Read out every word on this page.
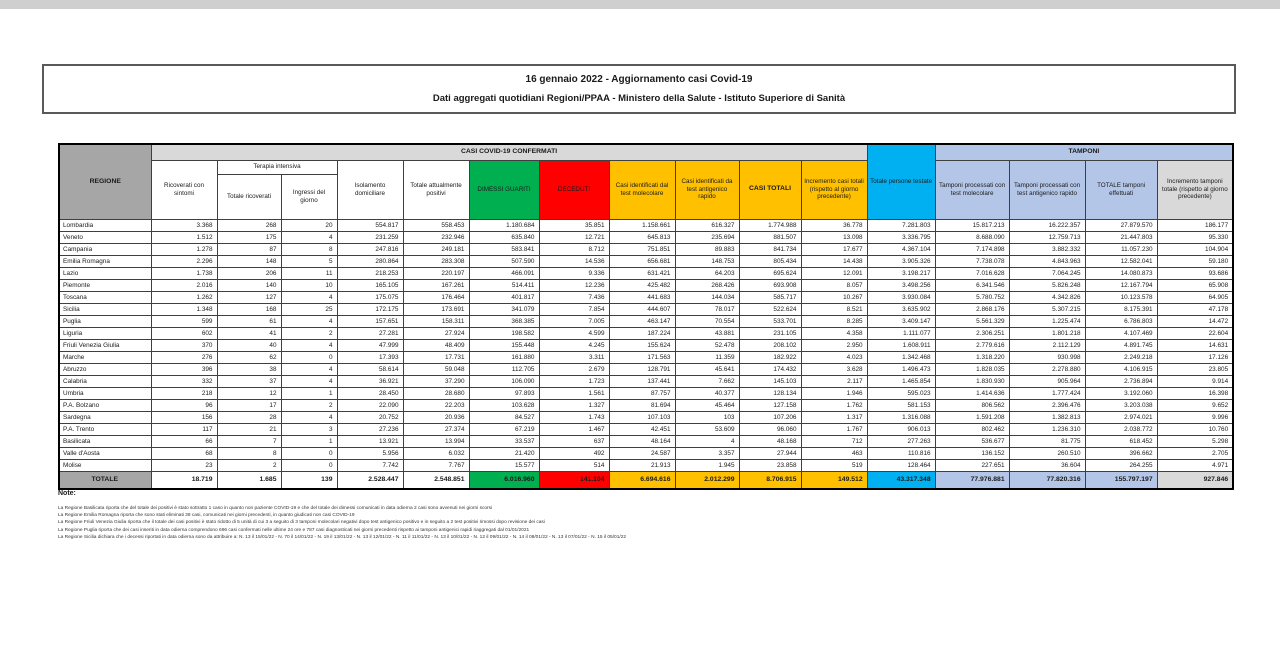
16 gennaio 2022 - Aggiornamento casi Covid-19
Dati aggregati quotidiani Regioni/PPAA - Ministero della Salute - Istituto Superiore di Sanità
REGIONE	CASI COVID-19 CONFERMATI											Totale persone testate	TAMPONI			
	Ricoverati con sintomi	Terapia intensiva		Isolamento domiciliare	Totale attualmente positivi	DIMESSI GUARITI	DECEDUTI	Casi identificati dal test molecolare	Casi identificati da test antigenico rapido	CASI TOTALI	Incremento casi totali (rispetto al giorno precedente)		Tamponi processati con test molecolare	Tamponi processati con test antigenico rapido	TOTALE tamponi effettuati	Incremento tamponi totale (rispetto al giorno precedente)
		Totale ricoverati	Ingressi del giorno													
Lombardia	3.368	268	20	554.817	558.453	1.180.684	35.851	1.158.661	616.327	1.774.988	36.778	7.281.803	15.817.213	16.222.357	27.879.570	186.177
Veneto	1.512	175	4	231.259	232.946	635.840	12.721	645.813	235.694	881.507	13.098	3.336.795	8.688.090	12.759.713	21.447.803	95.330
Campania	1.278	87	8	247.816	249.181	583.841	8.712	751.851	89.883	841.734	17.677	4.367.104	7.174.898	3.882.332	11.057.230	104.904
Emilia Romagna	2.296	148	5	280.864	283.308	507.590	14.536	656.681	148.753	805.434	14.438	3.905.326	7.738.078	4.843.963	12.582.041	59.180
Lazio	1.738	206	11	218.253	220.197	466.091	9.336	631.421	64.203	695.624	12.091	3.198.217	7.016.628	7.064.245	14.080.873	93.686
Piemonte	2.016	140	10	165.105	167.261	514.411	12.236	425.482	268.426	693.908	8.057	3.498.256	6.341.546	5.826.248	12.167.794	65.908
Toscana	1.262	127	4	175.075	176.464	401.817	7.436	441.683	144.034	585.717	10.267	3.930.084	5.780.752	4.342.826	10.123.578	64.905
Sicilia	1.348	168	25	172.175	173.691	341.079	7.854	444.607	78.017	522.624	8.521	3.635.902	2.868.176	5.307.215	8.175.391	47.178
Puglia	599	61	4	157.651	158.311	368.385	7.005	463.147	70.554	533.701	8.285	3.409.147	5.561.329	1.225.474	6.786.803	14.472
Liguria	602	41	2	27.281	27.924	198.582	4.599	187.224	43.881	231.105	4.358	1.111.077	2.306.251	1.801.218	4.107.469	22.604
Friuli Venezia Giulia	370	40	4	47.999	48.409	155.448	4.245	155.624	52.478	208.102	2.950	1.608.911	2.779.616	2.112.129	4.891.745	14.631
Marche	276	62	0	17.393	17.731	161.880	3.311	171.563	11.359	182.922	4.023	1.342.468	1.318.220	930.998	2.249.218	17.126
Abruzzo	396	38	4	58.614	59.048	112.705	2.679	128.791	45.641	174.432	3.628	1.496.473	1.828.035	2.278.880	4.106.915	23.805
Calabria	332	37	4	36.921	37.290	106.090	1.723	137.441	7.662	145.103	2.117	1.465.854	1.830.930	905.964	2.736.894	9.914
Umbria	218	12	1	28.450	28.680	97.893	1.561	87.757	40.377	128.134	1.946	595.023	1.414.636	1.777.424	3.192.060	16.398
P.A. Bolzano	96	17	2	22.090	22.203	103.628	1.327	81.694	45.464	127.158	1.762	581.153	806.562	2.396.476	3.203.038	9.652
Sardegna	156	28	4	20.752	20.936	84.527	1.743	107.103	103	107.206	1.317	1.316.088	1.591.208	1.382.813	2.974.021	9.996
P.A. Trento	117	21	3	27.236	27.374	67.219	1.467	42.451	53.609	96.060	1.767	906.013	802.462	1.236.310	2.038.772	10.760
Basilicata	66	7	1	13.921	13.994	33.537	637	48.164	4	48.168	712	277.263	536.677	81.775	618.452	5.298
Valle d'Aosta	68	8	0	5.956	6.032	21.420	492	24.587	3.357	27.944	463	110.816	136.152	260.510	396.662	2.705
Molise	23	2	0	7.742	7.767	15.577	514	21.913	1.945	23.858	519	128.464	227.651	36.604	264.255	4.971
TOTALE	18.719	1.685	139	2.528.447	2.548.851	6.016.960	141.104	6.694.616	2.012.299	8.706.915	149.512	43.317.348	77.976.881	77.820.316	155.797.197	927.846
Note:
La Regione Basilicata riporta che del totale dei positivi è stato sottratto 1 caso in quanto non paziente COVID-19 e che del totale dei dimessi comunicati in data odierna 2 casi sono avvenuti nei giorni scorsi
La Regione Emilia Romagna riporta che sono stati eliminati 38 casi, comunicati nei giorni precedenti, in quanto giudicati non casi COVID-19
La Regione Friuli Venezia Giulia riporta che il totale dei casi positivi è stato ridotto di 5 unità di cui 3 a seguito di 3 tamponi molecolari negativi dopo test antigenico positivo e in seguito a 2 test positivi rimossi dopo revisione dei casi
La Regione Puglia riporta che dei casi inseriti in data odierna comprendono 696 casi confermati nelle ultime 24 ore e 787 casi diagnosticati nei giorni precedenti rispetto ai tamponi antigenici rapidi riaggregati dal 01/01/2021
La Regione Sicilia dichiara che i decessi riportati in data odierna sono da attribuire a: N. 13 il 15/01/22 - N. 70 il 14/01/22 - N. 19 il 13/01/22 - N. 13 il 12/01/22 - N. 11 il 11/01/22 - N. 13 il 10/01/22 - N. 12 il 09/01/22 - N. 14 il 08/01/22 - N. 13 il 07/01/22 - N. 15 il 05/01/22
